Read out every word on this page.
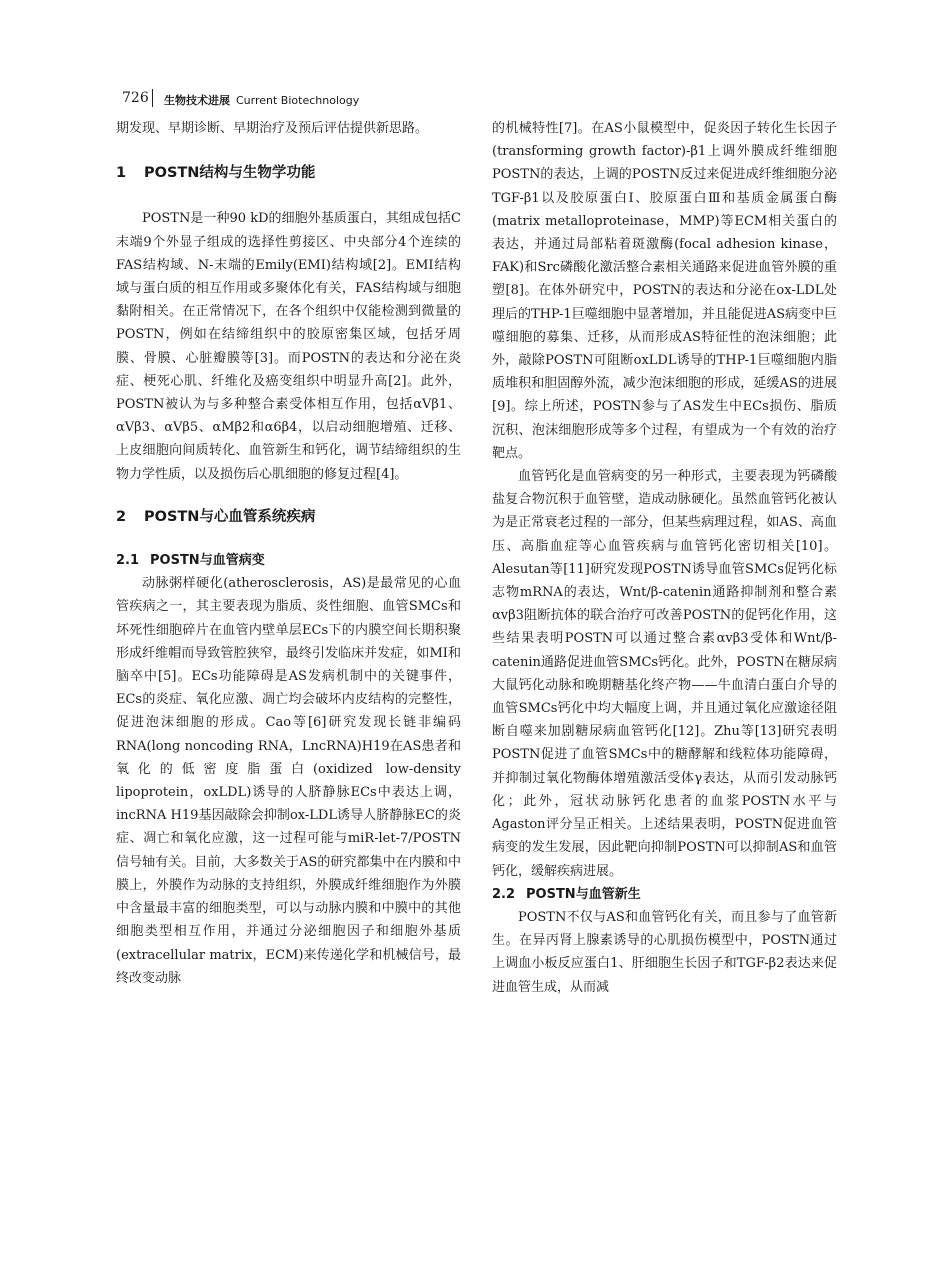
726 生物技术进展 Current Biotechnology

期发现、早期诊断、早期治疗及预后评估提供新思路。

1 POSTN结构与生物学功能

POSTN是一种90 kD的细胞外基质蛋白，其组成包括C末端9个外显子组成的选择性剪接区、中央部分4个连续的FAS结构域、N-末端的Emily(EMI)结构域[2]。EMI结构域与蛋白质的相互作用或多聚体化有关，FAS结构域与细胞黏附相关。在正常情况下，在各个组织中仅能检测到微量的POSTN，例如在结缔组织中的胶原密集区域，包括牙周膜、骨膜、心脏瓣膜等[3]。而POSTN的表达和分泌在炎症、梗死心肌、纤维化及癌变组织中明显升高[2]。此外，POSTN被认为与多种整合素受体相互作用，包括αVβ1、αVβ3、αVβ5、αMβ2和α6β4，以启动细胞增殖、迁移、上皮细胞向间质转化、血管新生和钙化，调节结缔组织的生物力学性质，以及损伤后心肌细胞的修复过程[4]。

2 POSTN与心血管系统疾病
2.1 POSTN与血管病变

动脉粥样硬化(atherosclerosis，AS)是最常见的心血管疾病之一，其主要表现为脂质、炎性细胞、血管SMCs和坏死性细胞碎片在血管内壁单层ECs下的内膜空间长期积聚形成纤维帽而导致管腔狭窄，最终引发临床并发症，如MI和脑卒中[5]。ECs功能障碍是AS发病机制中的关键事件，ECs的炎症、氧化应激、凋亡均会破坏内皮结构的完整性，促进泡沫细胞的形成。Cao等[6]研究发现长链非编码RNA(long noncoding RNA，LncRNA)H19在AS患者和氧化的低密度脂蛋白(oxidized low-density lipoprotein，oxLDL)诱导的人脐静脉ECs中表达上调，incRNA H19基因敲除会抑制ox-LDL诱导人脐静脉EC的炎症、凋亡和氧化应激，这一过程可能与miR-let-7/POSTN信号轴有关。目前，大多数关于AS的研究都集中在内膜和中膜上，外膜作为动脉的支持组织，外膜成纤维细胞作为外膜中含量最丰富的细胞类型，可以与动脉内膜和中膜中的其他细胞类型相互作用，并通过分泌细胞因子和细胞外基质(extracellular matrix，ECM)来传递化学和机械信号，最终改变动脉

的机械特性[7]。在AS小鼠模型中，促炎因子转化生长因子(transforming growth factor)-β1上调外膜成纤维细胞POSTN的表达，上调的POSTN反过来促进成纤维细胞分泌TGF-β1以及胶原蛋白Ⅰ、胶原蛋白Ⅲ和基质金属蛋白酶(matrix metalloproteinase，MMP)等ECM相关蛋白的表达，并通过局部粘着斑激酶(focal adhesion kinase，FAK)和Src磷酸化激活整合素相关通路来促进血管外膜的重塑[8]。在体外研究中，POSTN的表达和分泌在ox-LDL处理后的THP-1巨噬细胞中显著增加，并且能促进AS病变中巨噬细胞的募集、迁移，从而形成AS特征性的泡沫细胞；此外，敲除POSTN可阻断oxLDL诱导的THP-1巨噬细胞内脂质堆积和胆固醇外流，减少泡沫细胞的形成，延缓AS的进展[9]。综上所述，POSTN参与了AS发生中ECs损伤、脂质沉积、泡沫细胞形成等多个过程，有望成为一个有效的治疗靶点。

血管钙化是血管病变的另一种形式，主要表现为钙磷酸盐复合物沉积于血管壁，造成动脉硬化。虽然血管钙化被认为是正常衰老过程的一部分，但某些病理过程，如AS、高血压、高脂血症等心血管疾病与血管钙化密切相关[10]。Alesutan等[11]研究发现POSTN诱导血管SMCs促钙化标志物mRNA的表达，Wnt/β-catenin通路抑制剂和整合素αvβ3阻断抗体的联合治疗可改善POSTN的促钙化作用，这些结果表明POSTN可以通过整合素αvβ3受体和Wnt/β-catenin通路促进血管SMCs钙化。此外，POSTN在糖尿病大鼠钙化动脉和晚期糖基化终产物——牛血清白蛋白介导的血管SMCs钙化中均大幅度上调，并且通过氧化应激途径阻断自噬来加剧糖尿病血管钙化[12]。Zhu等[13]研究表明POSTN促进了血管SMCs中的糖酵解和线粒体功能障碍，并抑制过氧化物酶体增殖激活受体γ表达，从而引发动脉钙化；此外，冠状动脉钙化患者的血浆POSTN水平与Agaston评分呈正相关。上述结果表明，POSTN促进血管病变的发生发展，因此靶向抑制POSTN可以抑制AS和血管钙化，缓解疾病进展。

2.2 POSTN与血管新生

POSTN不仅与AS和血管钙化有关，而且参与了血管新生。在异丙肾上腺素诱导的心肌损伤模型中，POSTN通过上调血小板反应蛋白1、肝细胞生长因子和TGF-β2表达来促进血管生成，从而减
